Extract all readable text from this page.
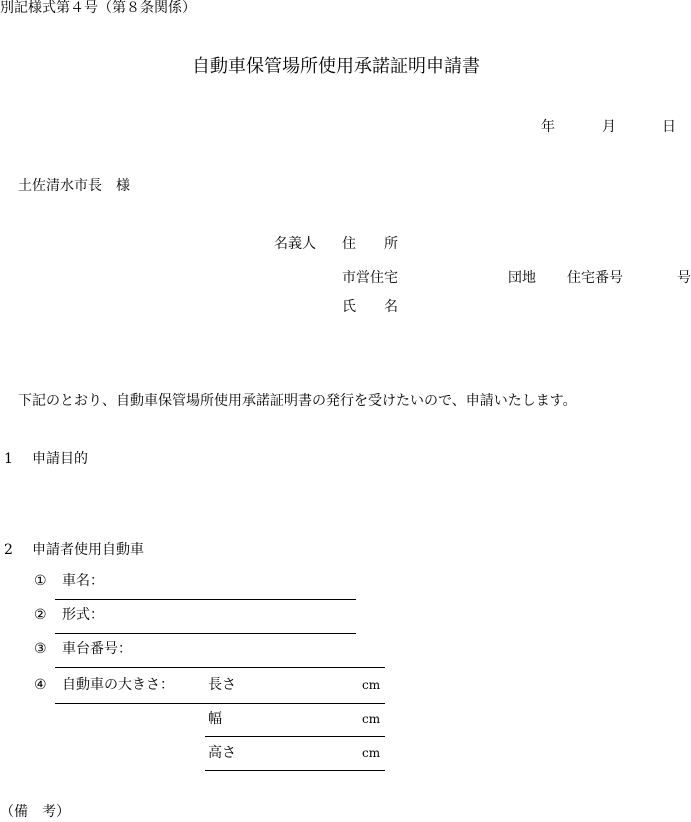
別記様式第４号（第８条関係）
自動車保管場所使用承諾証明申請書
年	月	日
土佐清水市長　様
名義人 住　　所
市営住宅	団地 住宅番号	号
氏　　名
下記のとおり、自動車保管場所使用承諾証明書の発行を受けたいので、申請いたします。
1 申請目的
2 申請者使用自動車
① 車名：
② 形式：
③ 車台番号：
④ 自動車の大きさ： 長さ	cm
幅	cm
高さ	cm
（備　考）
